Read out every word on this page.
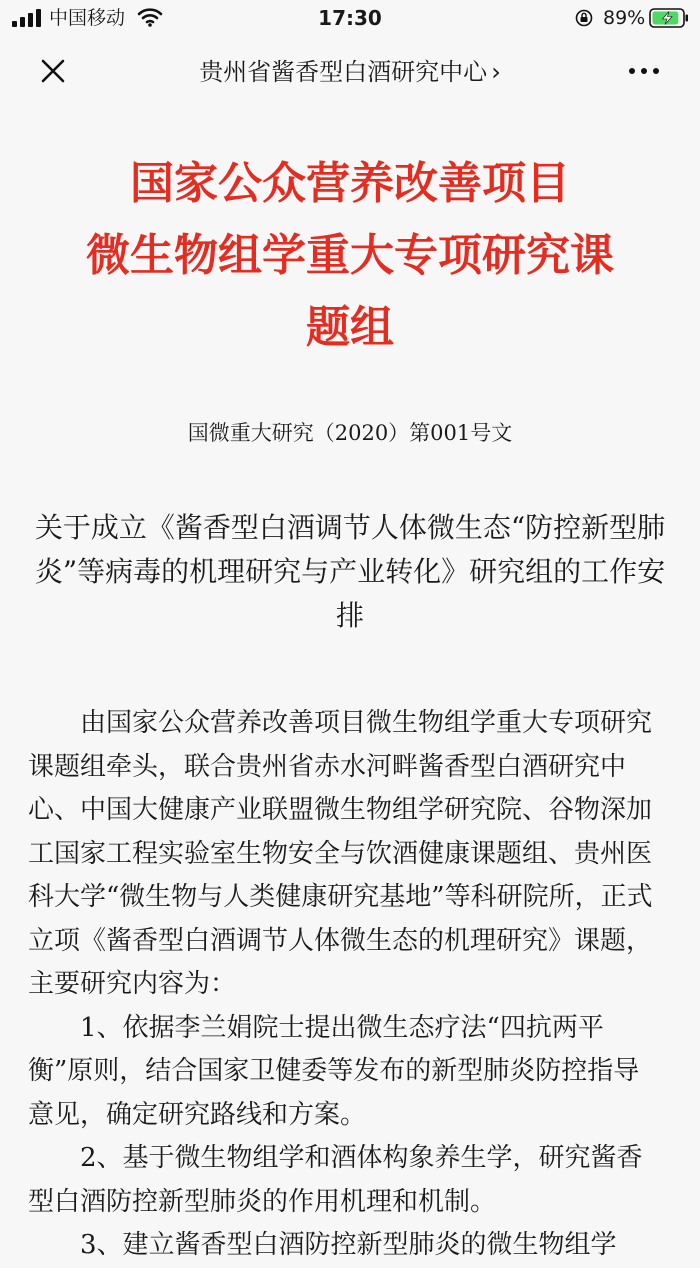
中国移动	17:30	89%
贵州省酱香型白酒研究中心 ›
国家公众营养改善项目
微生物组学重大专项研究课
题组
国微重大研究（2020）第001号文
关于成立《酱香型白酒调节人体微生态“防控新型肺炎”等病毒的机理研究与产业转化》研究组的工作安排

由国家公众营养改善项目微生物组学重大专项研究课题组牵头，联合贵州省赤水河畔酱香型白酒研究中心、中国大健康产业联盟微生物组学研究院、谷物深加工国家工程实验室生物安全与饮酒健康课题组、贵州医科大学“微生物与人类健康研究基地”等科研院所，正式立项《酱香型白酒调节人体微生态的机理研究》课题，主要研究内容为：

1、依据李兰娟院士提出微生态疗法“四抗两平衡”原则，结合国家卫健委等发布的新型肺炎防控指导意见，确定研究路线和方案。

2、基于微生物组学和酒体构象养生学，研究酱香型白酒防控新型肺炎的作用机理和机制。

3、建立酱香型白酒防控新型肺炎的微生物组学
